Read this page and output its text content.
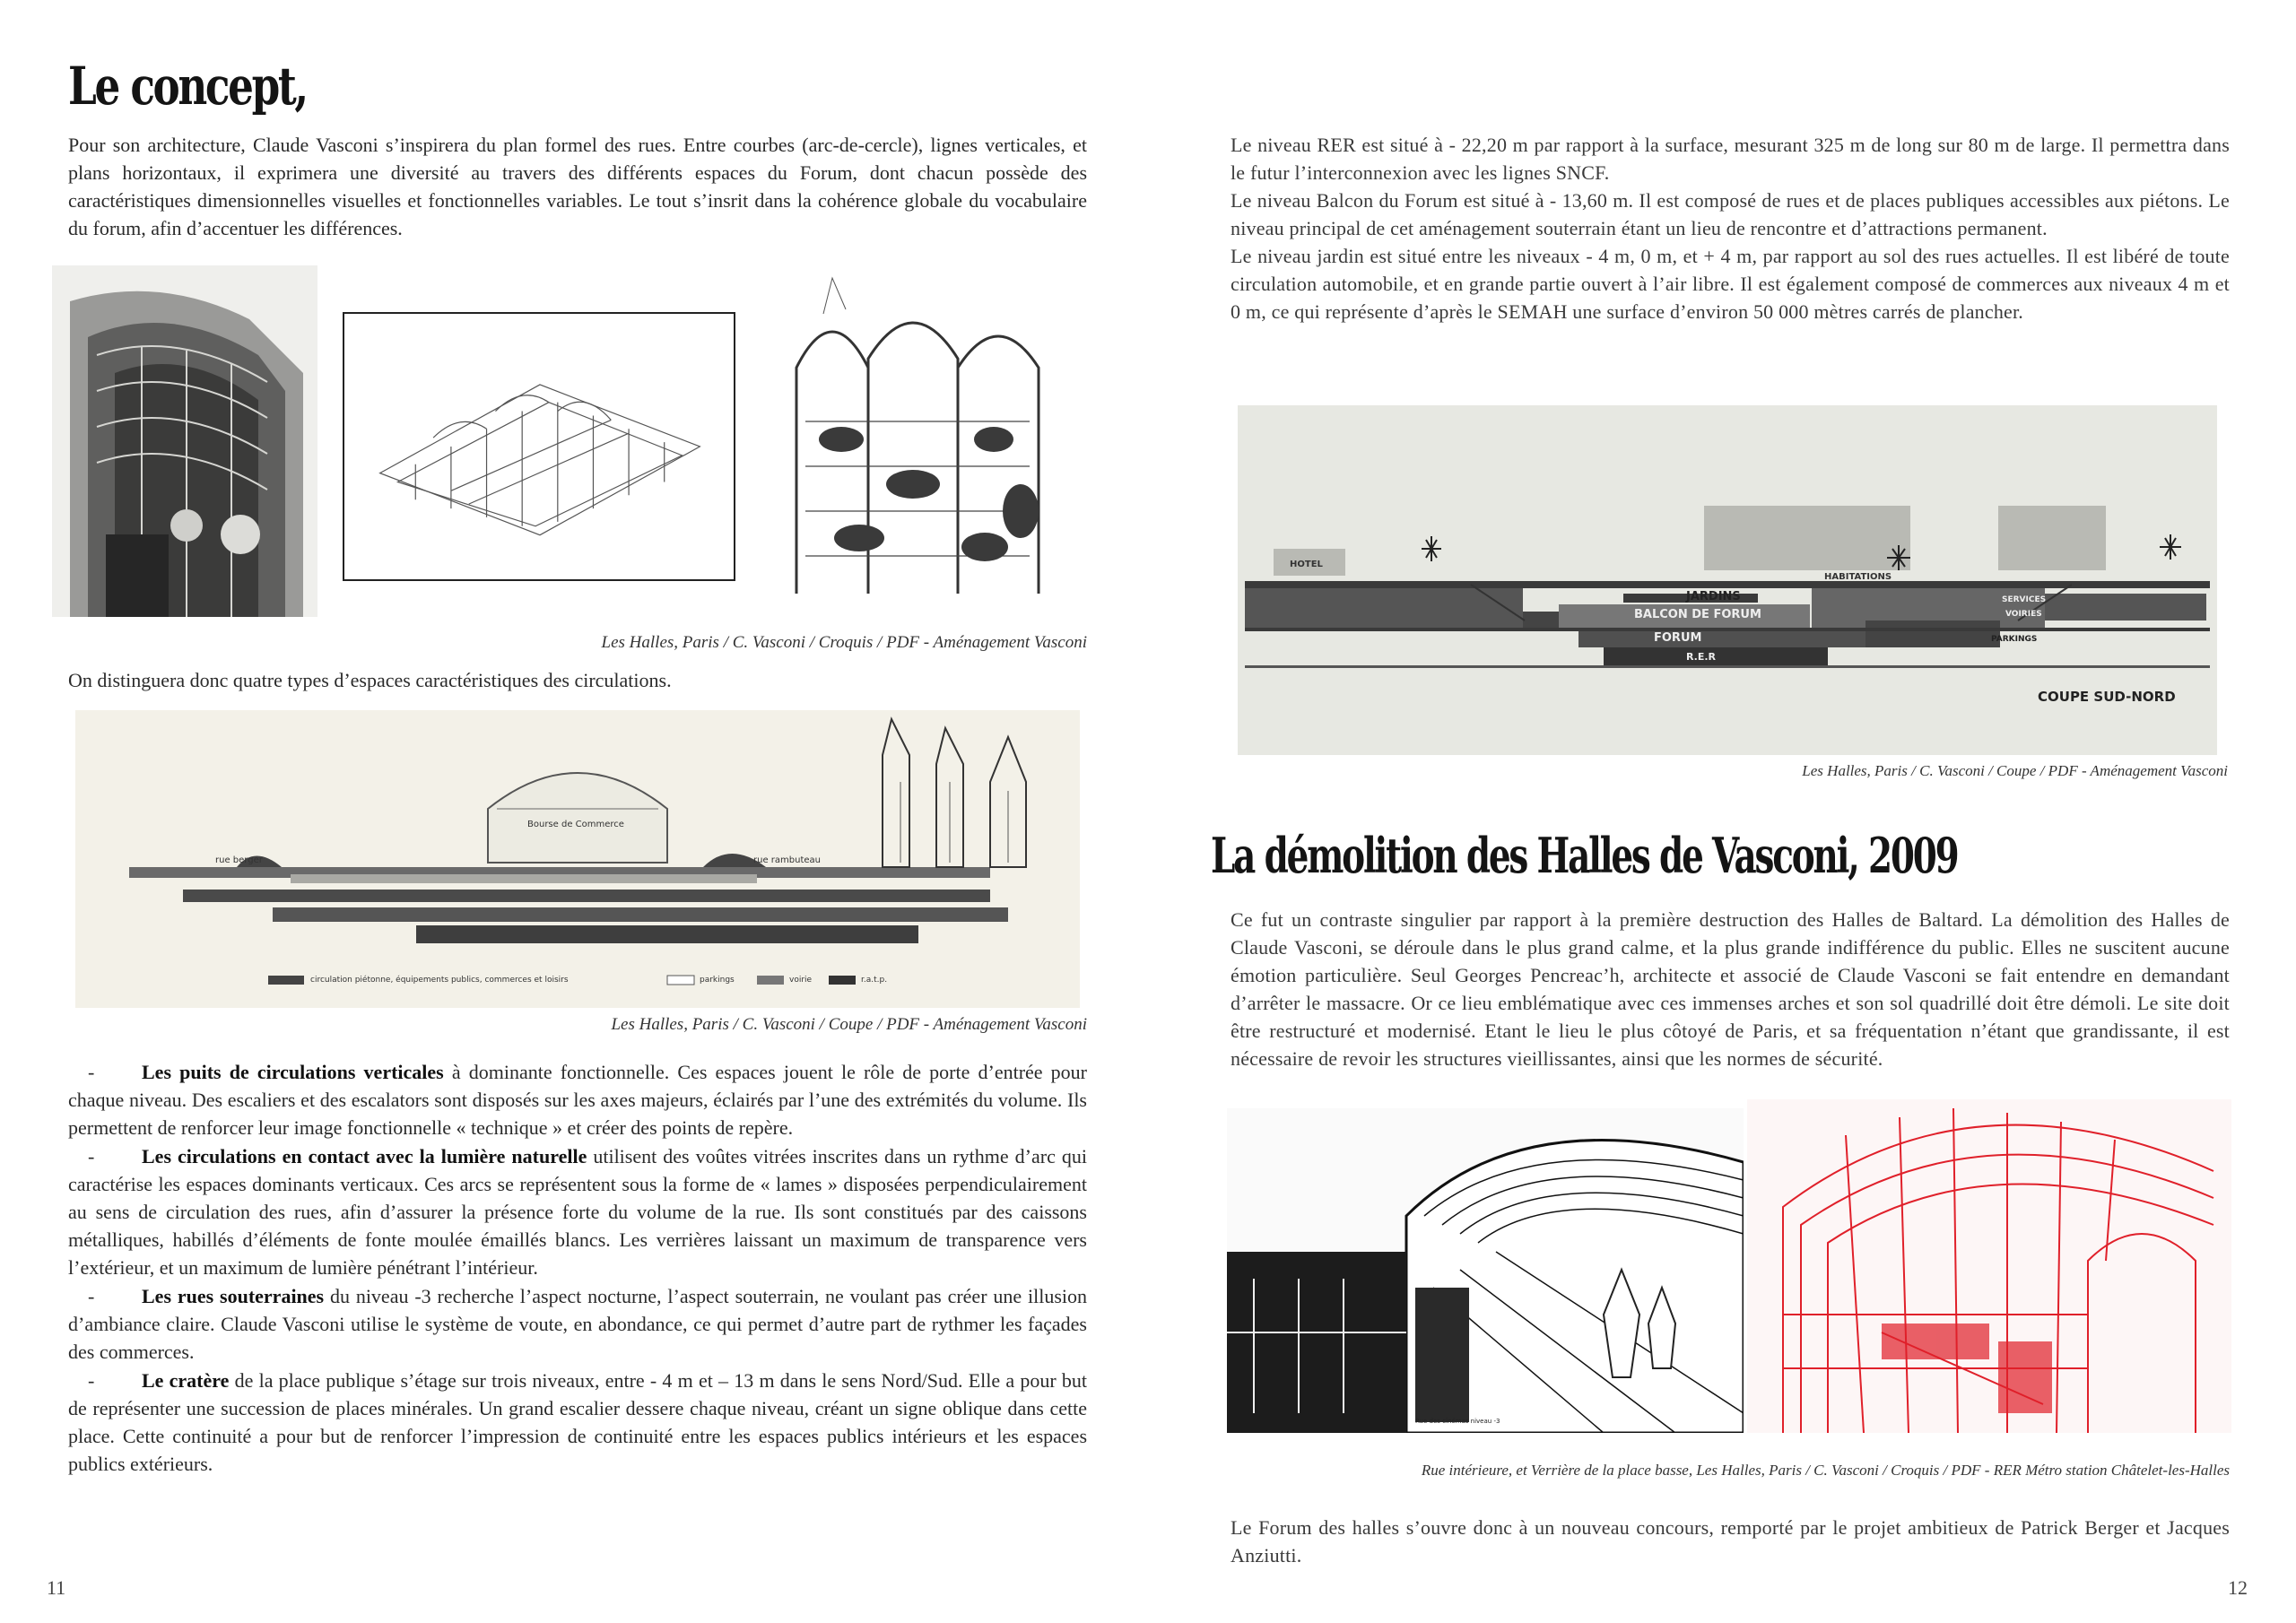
Le concept,
Pour son architecture, Claude Vasconi s’inspirera du plan formel des rues. Entre courbes (arc-de-cercle), lignes verticales, et plans horizontaux, il exprimera une diversité au travers des différents espaces du Forum, dont chacun possède des caractéristiques dimensionnelles visuelles et fonctionnelles variables. Le tout s’insrit dans la cohérence globale du vocabulaire du forum, afin d’accentuer les différences.
Les Halles, Paris / C. Vasconi / Croquis / PDF - Aménagement Vasconi
On distinguera donc quatre types d’espaces caractéristiques des circulations.
Bourse de Commerce
rue berger	rue rambuteau
circulation piétonne, équipements publics, commerces et loisirs	parkings	voirie	r.a.t.p.
Les Halles, Paris / C. Vasconi / Coupe / PDF - Aménagement Vasconi
- Les puits de circulations verticales à dominante fonctionnelle. Ces espaces jouent le rôle de porte d’entrée pour chaque niveau. Des escaliers et des escalators sont disposés sur les axes majeurs, éclairés par l’une des extrémités du volume. Ils permettent de renforcer leur image fonctionnelle « technique » et créer des points de repère.
- Les circulations en contact avec la lumière naturelle utilisent des voûtes vitrées inscrites dans un rythme d’arc qui caractérise les espaces dominants verticaux. Ces arcs se représentent sous la forme de « lames » disposées perpendiculairement au sens de circulation des rues, afin d’assurer la présence forte du volume de la rue. Ils sont constitués par des caissons métalliques, habillés d’éléments de fonte moulée émaillés blancs. Les verrières laissant un maximum de transparence vers l’extérieur, et un maximum de lumière pénétrant l’intérieur.
- Les rues souterraines du niveau -3 recherche l’aspect nocturne, l’aspect souterrain, ne voulant pas créer une illusion d’ambiance claire. Claude Vasconi utilise le système de voute, en abondance, ce qui permet d’autre part de rythmer les façades des commerces.
- Le cratère de la place publique s’étage sur trois niveaux, entre - 4 m et – 13 m dans le sens Nord/Sud. Elle a pour but de représenter une succession de places minérales. Un grand escalier dessere chaque niveau, créant un signe oblique dans cette place. Cette continuité a pour but de renforcer l’impression de continuité entre les espaces publics intérieurs et les espaces publics extérieurs.
11

Le niveau RER est situé à - 22,20 m par rapport à la surface, mesurant 325 m de long sur 80 m de large. Il permettra dans le futur l’interconnexion avec les lignes SNCF.

Le niveau Balcon du Forum est situé à - 13,60 m. Il est composé de rues et de places publiques accessibles aux piétons. Le niveau principal de cet aménagement souterrain étant un lieu de rencontre et d’attractions permanent.

Le niveau jardin est situé entre les niveaux - 4 m, 0 m, et + 4 m, par rapport au sol des rues actuelles. Il est libéré de toute circulation automobile, et en grande partie ouvert à l’air libre. Il est également composé de commerces aux niveaux 4 m et 0 m, ce qui représente d’après le SEMAH une surface d’environ 50 000 mètres carrés de plancher.

HOTEL
HABITATIONS
JARDINS
BALCON DE FORUM
FORUM
R.E.R
SERVICES
VOIRIES
PARKINGS
COUPE SUD-NORD
Les Halles, Paris / C. Vasconi / Coupe / PDF - Aménagement Vasconi
La démolition des Halles de Vasconi, 2009
Ce fut un contraste singulier par rapport à la première destruction des Halles de Baltard. La démolition des Halles de Claude Vasconi, se déroule dans le plus grand calme, et la plus grande indifférence du public. Elles ne suscitent aucune émotion particulière. Seul Georges Pencreac’h, architecte et associé de Claude Vasconi se fait entendre en demandant d’arrêter le massacre. Or ce lieu emblématique avec ces immenses arches et son sol quadrillé doit être démoli. Le site doit être restructuré et modernisé. Etant le lieu le plus côtoyé de Paris, et sa fréquentation n’étant que grandissante, il est nécessaire de revoir les structures vieillissantes, ainsi que les normes de sécurité.
Rue des cinémas niveau -3
Rue intérieure, et Verrière de la place basse, Les Halles, Paris / C. Vasconi / Croquis / PDF - RER Métro station Châtelet-les-Halles
Le Forum des halles s’ouvre donc à un nouveau concours, remporté par le projet ambitieux de Patrick Berger et Jacques Anziutti.
12
